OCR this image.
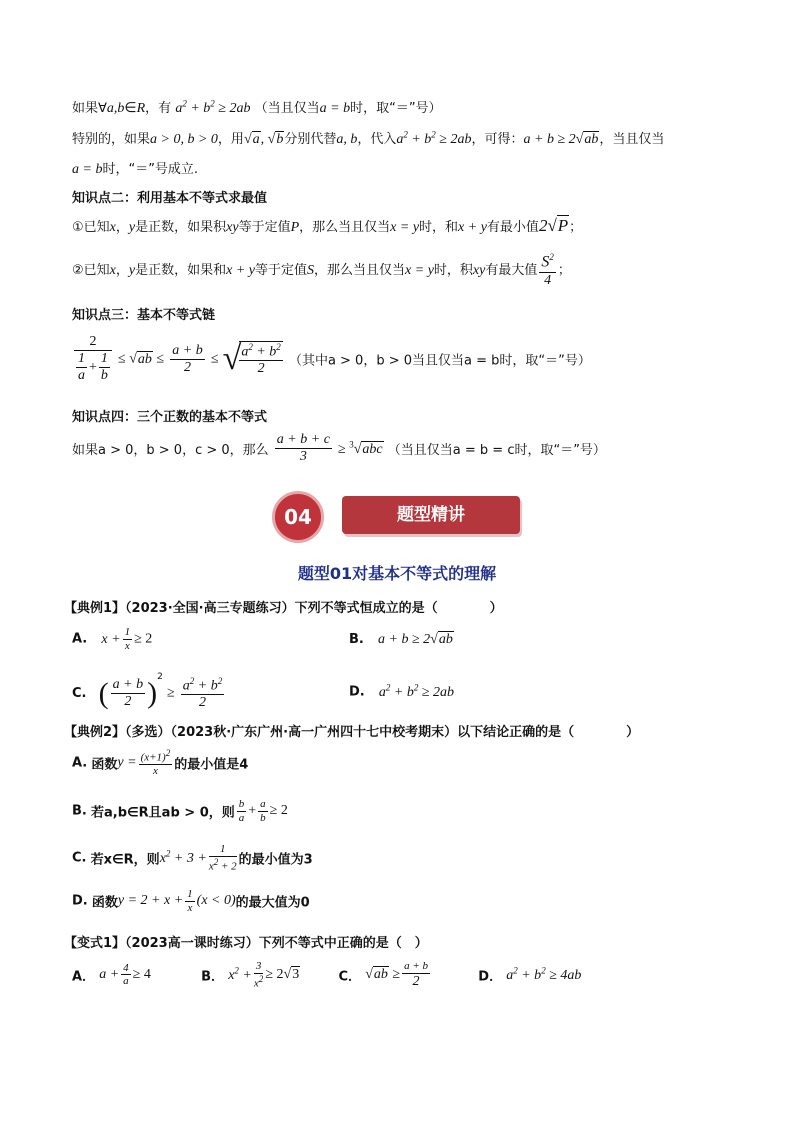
如果∀a,b∈R，有 $a^2 + b^2 \ge 2ab$ （当且仅当a = b时，取“＝”号）
特别的，如果a > 0, b > 0，用√a, √b分别代替a, b，代入$a^2 + b^2 \ge 2ab$，可得：a + b ≥ 2√ab，当且仅当
a = b时，“＝”号成立.
知识点二：利用基本不等式求最值
①已知x，y是正数，如果积xy等于定值P，那么当且仅当x = y时，和x + y有最小值2√P；
②已知x，y是正数，如果和x + y等于定值S，那么当且仅当x = y时，积xy有最大值 $\frac{S^2}{4}$ ；
知识点三：基本不等式链
$\frac{2}{\frac{1}{a} + \frac{1}{b}} \le √ab \le \frac{a + b}{2}$ ≤ √
$\frac{a^2 + b^2}{2}$ （其中a > 0，b > 0当且仅当a = b时，取“＝”号）
知识点四：三个正数的基本不等式
如果a > 0，b > 0，c > 0，那么 $\frac{a + b + c}{3} \ge ^3√abc$ （当且仅当a = b = c时，取“＝”号）
04	题型精讲
题型01对基本不等式的理解
【典例1】（2023·全国·高三专题练习）下列不等式恒成立的是（　　　　）
A. $x + \frac{1}{x} \ge 2$	B. a + b ≥ 2√ab
C. ( $\frac{a + b}{2} )^2 \ge \frac{a^2 + b^2}{2}$	D. $a^2 + b^2 \ge 2ab$
【典例2】（多选）（2023秋·广东广州·高一广州四十七中校考期末）以下结论正确的是（　　　　）
A. 函数$y = \frac{(x+1)^2}{x}$ 的最小值是4
B. 若a,b∈R且ab > 0，则 $\frac{b}{a} + \frac{a}{b} \ge 2$
C. 若x∈R，则$x^2 + 3 + \frac{1}{x^2 + 2}$ 的最小值为3
D. 函数$y = 2 + x + \frac{1}{x} (x < 0)$的最大值为0
【变式1】（2023高一课时练习）下列不等式中正确的是（　）
A． $a + \frac{4}{a} \ge 4$	B． $x^2 + \frac{3}{x^2} \ge 2√3$	C． $√ab \ge \frac{a + b}{2}$	D． $a^2 + b^2 \ge 4ab$
